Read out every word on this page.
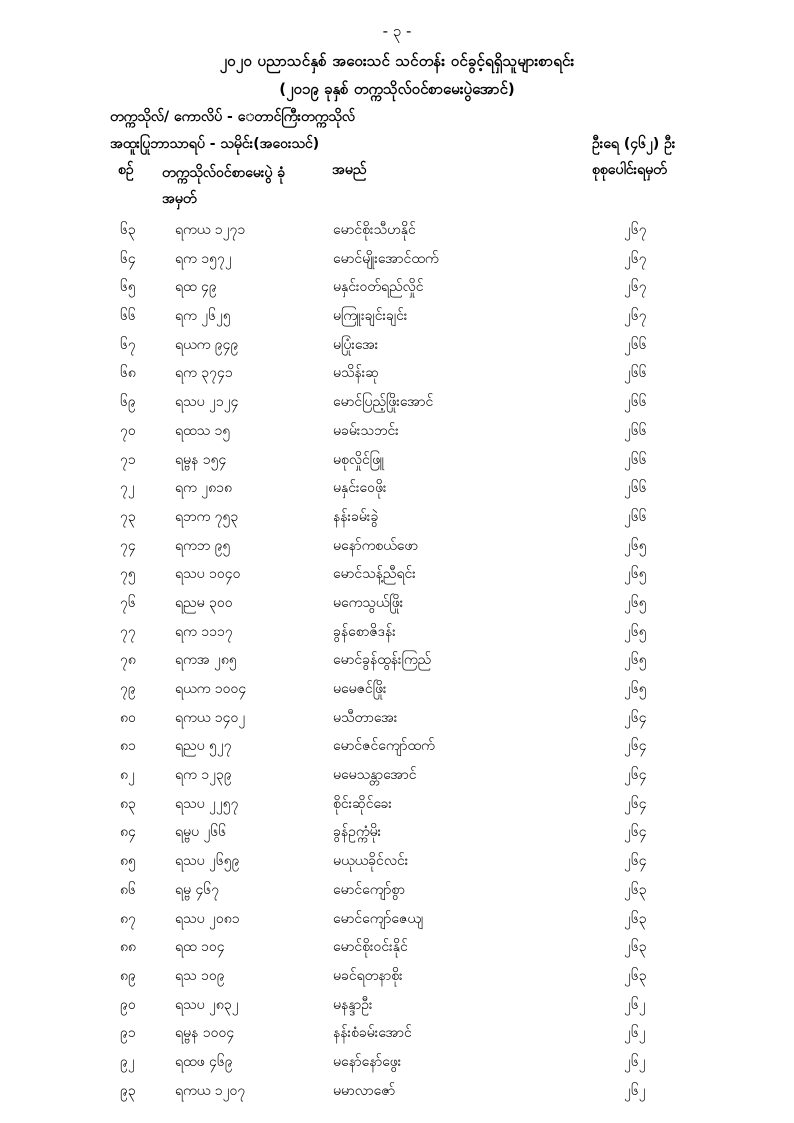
- ၃ -
၂၀၂၀ ပညာသင်နှစ် အဝေးသင် သင်တန်း ဝင်ခွင့်ရရှိသူများစာရင်း
(၂၀၁၉ ခုနှစ် တက္ကသိုလ်ဝင်စာမေးပွဲအောင်)
တက္ကသိုလ်/ ကောလိပ် - ‌ေတာင်ကြီးတက္ကသိုလ်
အထူးပြုဘာသာရပ် - သမိုင်း(အဝေးသင်)	ဦးရေ (၄၆၂) ဦး
စဉ် တက္ကသိုလ်ဝင်စာမေးပွဲ ခုံအမှတ်
အမည်	စုစုပေါင်းရမှတ်
၆၃	ရကယ ၁၂၇၁	မောင်စိုးသီဟနိုင်	၂၆၇
၆၄	ရက ၁၅၇၂	မောင်မျိုးအောင်ထက်	၂၆၇
၆၅	ရထ ၄၉	မနှင်းဝတ်ရည်လှိုင်	၂၆၇
၆၆	ရက ၂၆၂၅	မကြူးချင်းချင်း	၂၆၇
၆၇	ရယက ၉၄၉	မပြုံးအေး	၂၆၆
၆၈	ရက ၃၇၄၁	မသိန်းဆု	၂၆၆
၆၉	ရသပ ၂၁၂၄	မောင်ပြည့်ဖြိုးအောင်	၂၆၆
၇၀	ရထသ ၁၅	မခမ်းသဘင်း	၂၆၆
၇၁	ရမ္ဗန ၁၅၄	မစုလှိုင်ဖြူ	၂၆၆
၇၂	ရက ၂၈၁၈	မနှင်းဝေဖိုး	၂၆၆
၇၃	ရဘက ၇၅၃	နန်းခမ်းခွဲ	၂၆၆
၇၄	ရကဘ ၉၅	မနော်ကစယ်ဖော	၂၆၅
၇၅	ရသပ ၁၀၄၀	မောင်သန့်ညီရင်း	၂၆၅
၇၆	ရညမ ၃၀၀	မကေသွယ်ဖြိုး	၂၆၅
၇၇	ရက ၁၁၁၇	ခွန်စောဇိဒန်း	၂၆၅
၇၈	ရကအ ၂၈၅	မောင်ခွန်ထွန်းကြည်	၂၆၅
၇၉	ရယက ၁၀၀၄	မမေဇင်ဖြိုး	၂၆၅
၈၀	ရကယ ၁၄၀၂	မသီတာအေး	၂၆၄
၈၁	ရညပ ၅၂၇	မောင်ဇင်ကျော်ထက်	၂၆၄
၈၂	ရက ၁၂၃၉	မမေသန္တာအောင်	၂၆၄
၈၃	ရသပ ၂၂၅၇	စိုင်းဆိုင်ခေး	၂၆၄
၈၄	ရမ္ဗပ ၂၆၆	ခွန်ဥက္ကံမိုး	၂၆၄
၈၅	ရသပ ၂၆၅၉	မယုယခိုင်လင်း	၂၆၄
၈၆	ရမ္ဗ ၄၆၇	မောင်ကျော်စွာ	၂၆၃
၈၇	ရသပ ၂၀၈၁	မောင်ကျော်ဇေယျ	၂၆၃
၈၈	ရထ ၁၀၄	မောင်စိုးဝင်းနိုင်	၂၆၃
၈၉	ရသ ၁၀၉	မခင်ရတနာစိုး	၂၆၃
၉၀	ရသပ ၂၈၃၂	မနန္ဒာဦး	၂၆၂
၉၁	ရမ္ဗန ၁၀၀၄	နန်းစံခမ်းအောင်	၂၆၂
၉၂	ရထဖ ၄၆၉	မနော်နော်ဖွေး	၂၆၂
၉၃	ရကယ ၁၂၀၇	မမာလာဇော်	၂၆၂
